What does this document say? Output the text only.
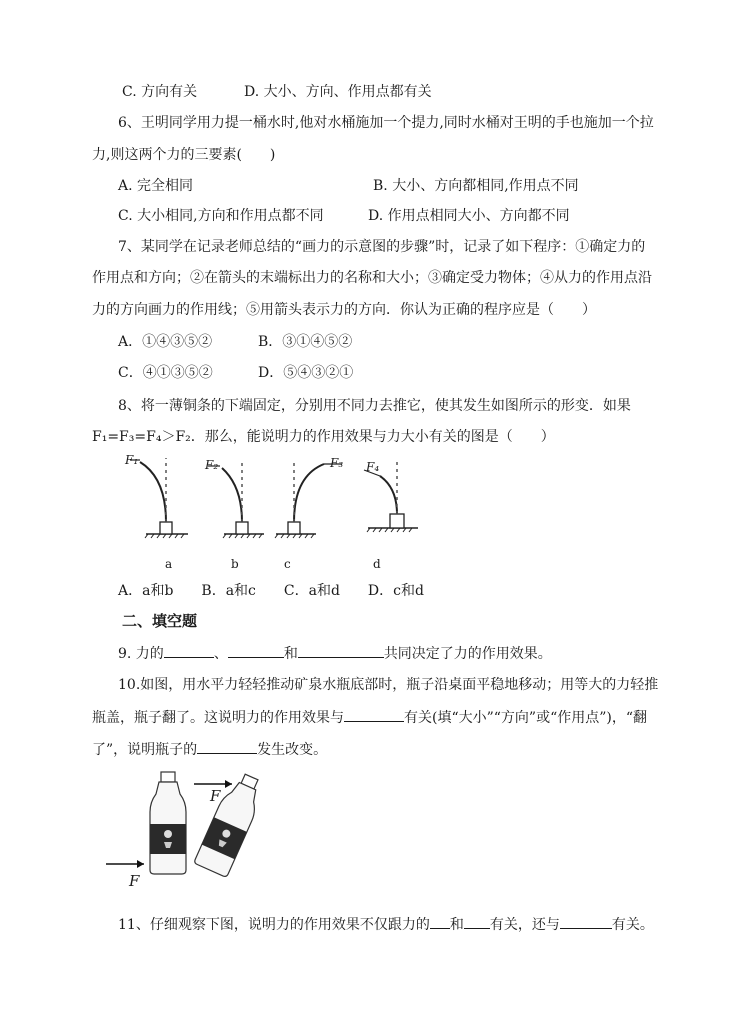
C. 方向有关	D. 大小、方向、作用点都有关
6、王明同学用力提一桶水时,他对水桶施加一个提力,同时水桶对王明的手也施加一个拉
力,则这两个力的三要素(　　)
A. 完全相同	B. 大小、方向都相同,作用点不同
C. 大小相同,方向和作用点都不同	D. 作用点相同大小、方向都不同
7、某同学在记录老师总结的“画力的示意图的步骤”时，记录了如下程序：①确定力的
作用点和方向；②在箭头的末端标出力的名称和大小；③确定受力物体；④从力的作用点沿
力的方向画力的作用线；⑤用箭头表示力的方向．你认为正确的程序应是（　　）
A．①④③⑤②	B．③①④⑤②
C．④①③⑤②	D．⑤④③②①
8、将一薄铜条的下端固定，分别用不同力去推它，使其发生如图所示的形变．如果
F₁=F₃=F₄＞F₂．那么，能说明力的作用效果与力大小有关的图是（　　）
F₁	F₂	F₃ F₄
a	b	c	d
A．a和b　　B．a和c　　C．a和d　　D．c和d
二、填空题
9. 力的	、	和	共同决定了力的作用效果。
10.如图，用水平力轻轻推动矿泉水瓶底部时，瓶子沿桌面平稳地移动；用等大的力轻推
瓶盖，瓶子翻了。这说明力的作用效果与	有关(填“大小”“方向”或“作用点”)，“翻
了”，说明瓶子的	发生改变。
F
F
11、仔细观察下图，说明力的作用效果不仅跟力的 和 有关，还与	有关。
